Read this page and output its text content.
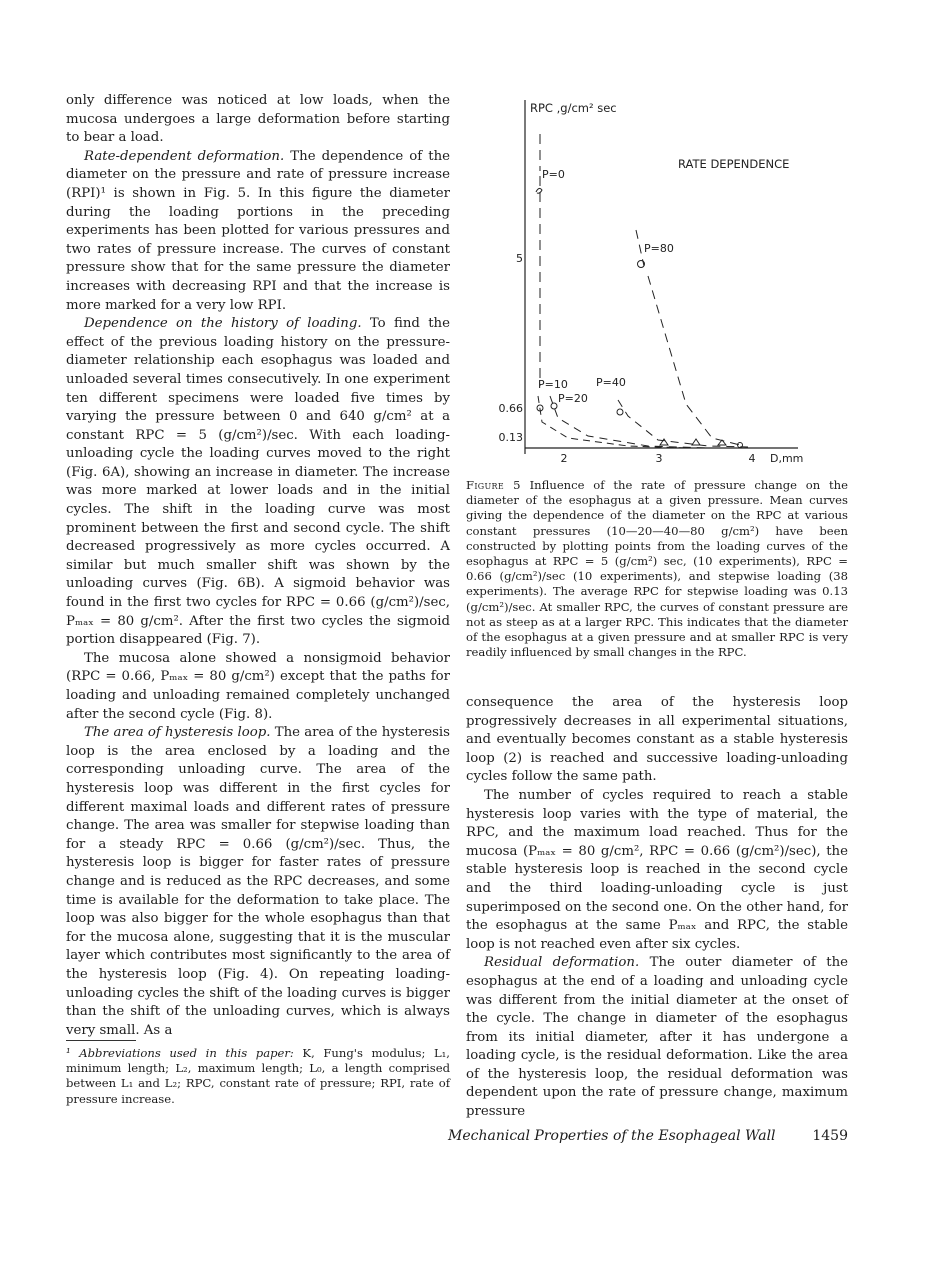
only difference was noticed at low loads, when the mucosa undergoes a large deformation before starting to bear a load.

Rate-dependent deformation. The dependence of the diameter on the pressure and rate of pressure increase (RPI)¹ is shown in Fig. 5. In this figure the diameter during the loading portions in the preceding experiments has been plotted for various pressures and two rates of pressure increase. The curves of constant pressure show that for the same pressure the diameter increases with decreasing RPI and that the increase is more marked for a very low RPI.

Dependence on the history of loading. To find the effect of the previous loading history on the pressure-diameter relationship each esophagus was loaded and unloaded several times consecutively. In one experiment ten different specimens were loaded five times by varying the pressure between 0 and 640 g/cm² at a constant RPC = 5 (g/cm²)/sec. With each loading-unloading cycle the loading curves moved to the right (Fig. 6A), showing an increase in diameter. The increase was more marked at lower loads and in the initial cycles. The shift in the loading curve was most prominent between the first and second cycle. The shift decreased progressively as more cycles occurred. A similar but much smaller shift was shown by the unloading curves (Fig. 6B). A sigmoid behavior was found in the first two cycles for RPC = 0.66 (g/cm²)/sec, Pₘₐₓ = 80 g/cm². After the first two cycles the sigmoid portion disappeared (Fig. 7).

The mucosa alone showed a nonsigmoid behavior (RPC = 0.66, Pₘₐₓ = 80 g/cm²) except that the paths for loading and unloading remained completely unchanged after the second cycle (Fig. 8).

The area of hysteresis loop. The area of the hysteresis loop is the area enclosed by a loading and the corresponding unloading curve. The area of the hysteresis loop was different in the first cycles for different maximal loads and different rates of pressure change. The area was smaller for stepwise loading than for a steady RPC = 0.66 (g/cm²)/sec. Thus, the hysteresis loop is bigger for faster rates of pressure change and is reduced as the RPC decreases, and some time is available for the deformation to take place. The loop was also bigger for the whole esophagus than that for the mucosa alone, suggesting that it is the muscular layer which contributes most significantly to the area of the hysteresis loop (Fig. 4). On repeating loading-unloading cycles the shift of the loading curves is bigger than the shift of the unloading curves, which is always very small. As a

¹ Abbreviations used in this paper: K, Fung's modulus; L₁, minimum length; L₂, maximum length; L₀, a length comprised between L₁ and L₂; RPC, constant rate of pressure; RPI, rate of pressure increase.
RPC ,g/cm² sec
RATE DEPENDENCE
5
0.66
0.13
2	3	4 D,mm
P=0
P=80
P=40
P=20
P=10
Figure 5 Influence of the rate of pressure change on the diameter of the esophagus at a given pressure. Mean curves giving the dependence of the diameter on the RPC at various constant pressures (10—20—40—80 g/cm²) have been constructed by plotting points from the loading curves of the esophagus at RPC = 5 (g/cm²) sec, (10 experiments), RPC = 0.66 (g/cm²)/sec (10 experiments), and stepwise loading (38 experiments). The average RPC for stepwise loading was 0.13 (g/cm²)/sec. At smaller RPC, the curves of constant pressure are not as steep as at a larger RPC. This indicates that the diameter of the esophagus at a given pressure and at smaller RPC is very readily influenced by small changes in the RPC.

consequence the area of the hysteresis loop progressively decreases in all experimental situations, and eventually becomes constant as a stable hysteresis loop (2) is reached and successive loading-unloading cycles follow the same path.

The number of cycles required to reach a stable hysteresis loop varies with the type of material, the RPC, and the maximum load reached. Thus for the mucosa (Pₘₐₓ = 80 g/cm², RPC = 0.66 (g/cm²)/sec), the stable hysteresis loop is reached in the second cycle and the third loading-unloading cycle is just superimposed on the second one. On the other hand, for the esophagus at the same Pₘₐₓ and RPC, the stable loop is not reached even after six cycles.

Residual deformation. The outer diameter of the esophagus at the end of a loading and unloading cycle was different from the initial diameter at the onset of the cycle. The change in diameter of the esophagus from its initial diameter, after it has undergone a loading cycle, is the residual deformation. Like the area of the hysteresis loop, the residual deformation was dependent upon the rate of pressure change, maximum pressure

Mechanical Properties of the Esophageal Wall	1459
